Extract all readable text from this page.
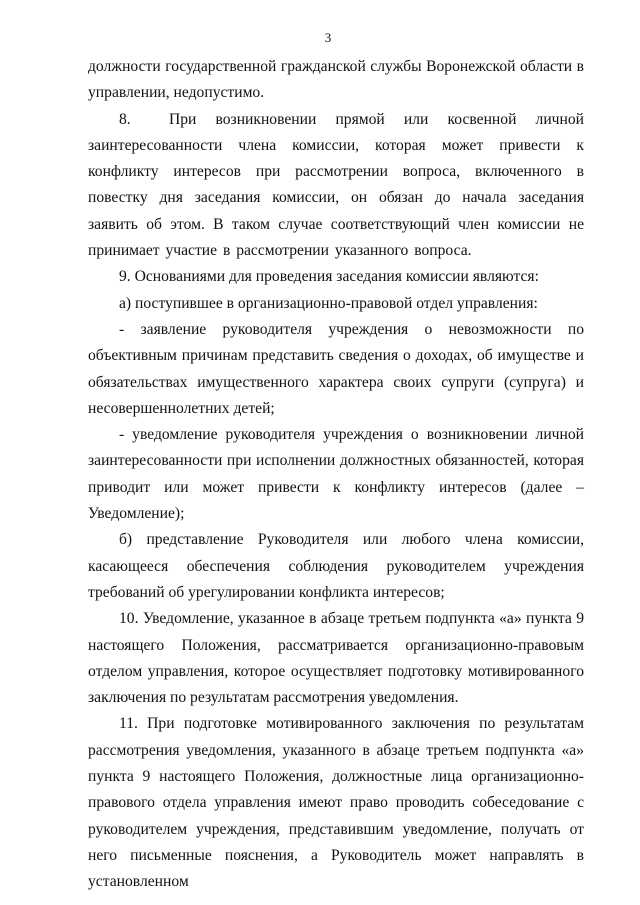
3

должности государственной гражданской службы Воронежской области в управлении, недопустимо.

8.  При возникновении прямой или косвенной личной заинтересованности члена комиссии, которая может привести к конфликту интересов при рассмотрении вопроса, включенного в повестку дня заседания комиссии, он обязан до начала заседания заявить об этом. В таком случае соответствующий член комиссии не принимает участие в рассмотрении указанного вопроса.

9. Основаниями для проведения заседания комиссии являются:

а) поступившее в организационно-правовой отдел управления:

- заявление руководителя учреждения о невозможности по объективным причинам представить сведения о доходах, об имуществе и обязательствах имущественного характера своих супруги (супруга) и несовершеннолетних детей;

- уведомление руководителя учреждения о возникновении личной заинтересованности при исполнении должностных обязанностей, которая приводит или может привести к конфликту интересов (далее – Уведомление);

б) представление Руководителя или любого члена комиссии, касающееся обеспечения соблюдения руководителем учреждения требований об урегулировании конфликта интересов;

10. Уведомление, указанное в абзаце третьем подпункта «а» пункта 9 настоящего Положения, рассматривается организационно-правовым отделом управления, которое осуществляет подготовку мотивированного заключения по результатам рассмотрения уведомления.

11. При подготовке мотивированного заключения по результатам рассмотрения уведомления, указанного в абзаце третьем подпункта «а» пункта 9 настоящего Положения, должностные лица организационно-правового отдела управления имеют право проводить собеседование с руководителем учреждения, представившим уведомление, получать от него письменные пояснения, а Руководитель может направлять в установленном
